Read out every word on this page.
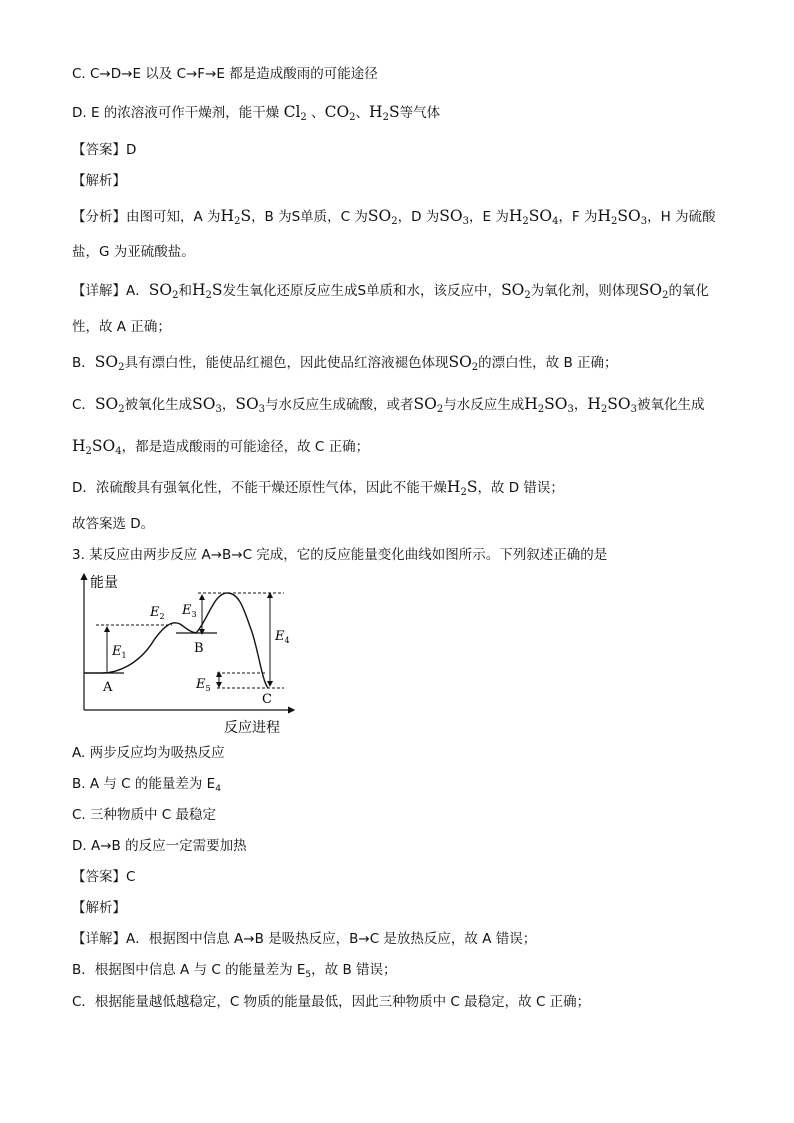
C. C→D→E 以及 C→F→E 都是造成酸雨的可能途径
D. E 的浓溶液可作干燥剂，能干燥 $Cl_2$ 、$CO_2$、$H_2S$等气体
【答案】D
【解析】
【分析】由图可知，A 为$H_2S$，B 为S单质，C 为$SO_2$，D 为$SO_3$，E 为$H_2SO_4$，F 为$H_2SO_3$，H 为硫酸
盐，G 为亚硫酸盐。
【详解】A．$SO_2$和$H_2S$发生氧化还原反应生成S单质和水，该反应中，$SO_2$为氧化剂，则体现$SO_2$的氧化
性，故 A 正确；
B．$SO_2$具有漂白性，能使品红褪色，因此使品红溶液褪色体现$SO_2$的漂白性，故 B 正确；
C．$SO_2$被氧化生成$SO_3$，$SO_3$与水反应生成硫酸，或者$SO_2$与水反应生成$H_2SO_3$，$H_2SO_3$被氧化生成
$H_2SO_4$，都是造成酸雨的可能途径，故 C 正确；
D．浓硫酸具有强氧化性，不能干燥还原性气体，因此不能干燥$H_2S$，故 D 错误；
故答案选 D。
3. 某反应由两步反应 A→B→C 完成，它的反应能量变化曲线如图所示。下列叙述正确的是
A. 两步反应均为吸热反应
B. A 与 C 的能量差为 $E_4$
C. 三种物质中 C 最稳定
D. A→B 的反应一定需要加热
【答案】C
【解析】
【详解】A．根据图中信息 A→B 是吸热反应，B→C 是放热反应，故 A 错误；
B．根据图中信息 A 与 C 的能量差为 $E_5$，故 B 错误；
C．根据能量越低越稳定，C 物质的能量最低，因此三种物质中 C 最稳定，故 C 正确；
能量
反应进程
A
B
C
$E_1$
$E_2$ $E_3$
$E_4$
$E_5$
